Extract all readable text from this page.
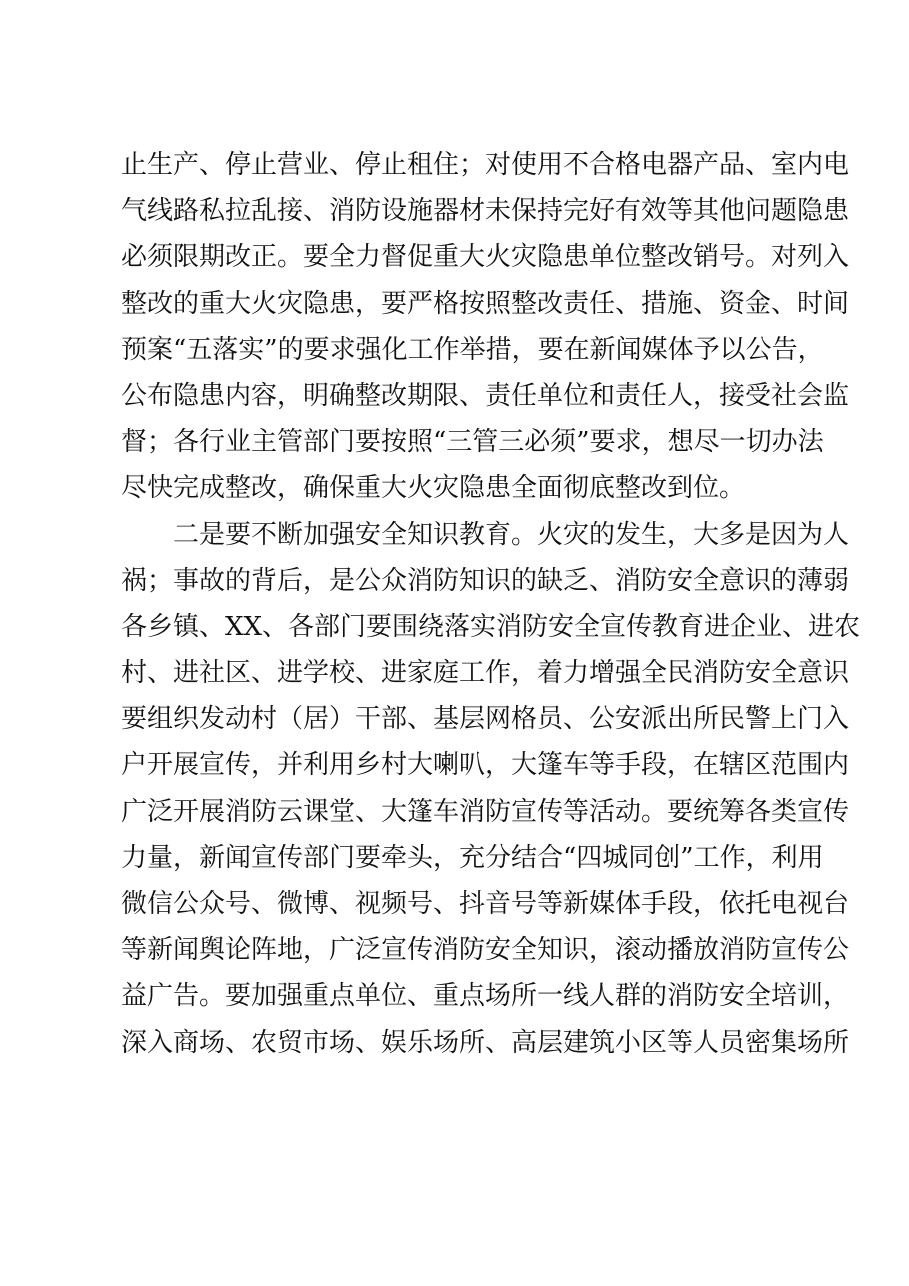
止生产、停止营业、停止租住；对使用不合格电器产品、室内电
气线路私拉乱接、消防设施器材未保持完好有效等其他问题隐患
必须限期改正。要全力督促重大火灾隐患单位整改销号。对列入
整改的重大火灾隐患，要严格按照整改责任、措施、资金、时间
预案“五落实”的要求强化工作举措，要在新闻媒体予以公告，
公布隐患内容，明确整改期限、责任单位和责任人，接受社会监
督；各行业主管部门要按照“三管三必须”要求，想尽一切办法
尽快完成整改，确保重大火灾隐患全面彻底整改到位。
二是要不断加强安全知识教育。火灾的发生，大多是因为人
祸；事故的背后，是公众消防知识的缺乏、消防安全意识的薄弱
各乡镇、XX、各部门要围绕落实消防安全宣传教育进企业、进农
村、进社区、进学校、进家庭工作，着力增强全民消防安全意识
要组织发动村（居）干部、基层网格员、公安派出所民警上门入
户开展宣传，并利用乡村大喇叭，大篷车等手段，在辖区范围内
广泛开展消防云课堂、大篷车消防宣传等活动。要统筹各类宣传
力量，新闻宣传部门要牵头，充分结合“四城同创”工作，利用
微信公众号、微博、视频号、抖音号等新媒体手段，依托电视台
等新闻舆论阵地，广泛宣传消防安全知识，滚动播放消防宣传公
益广告。要加强重点单位、重点场所一线人群的消防安全培训，
深入商场、农贸市场、娱乐场所、高层建筑小区等人员密集场所
